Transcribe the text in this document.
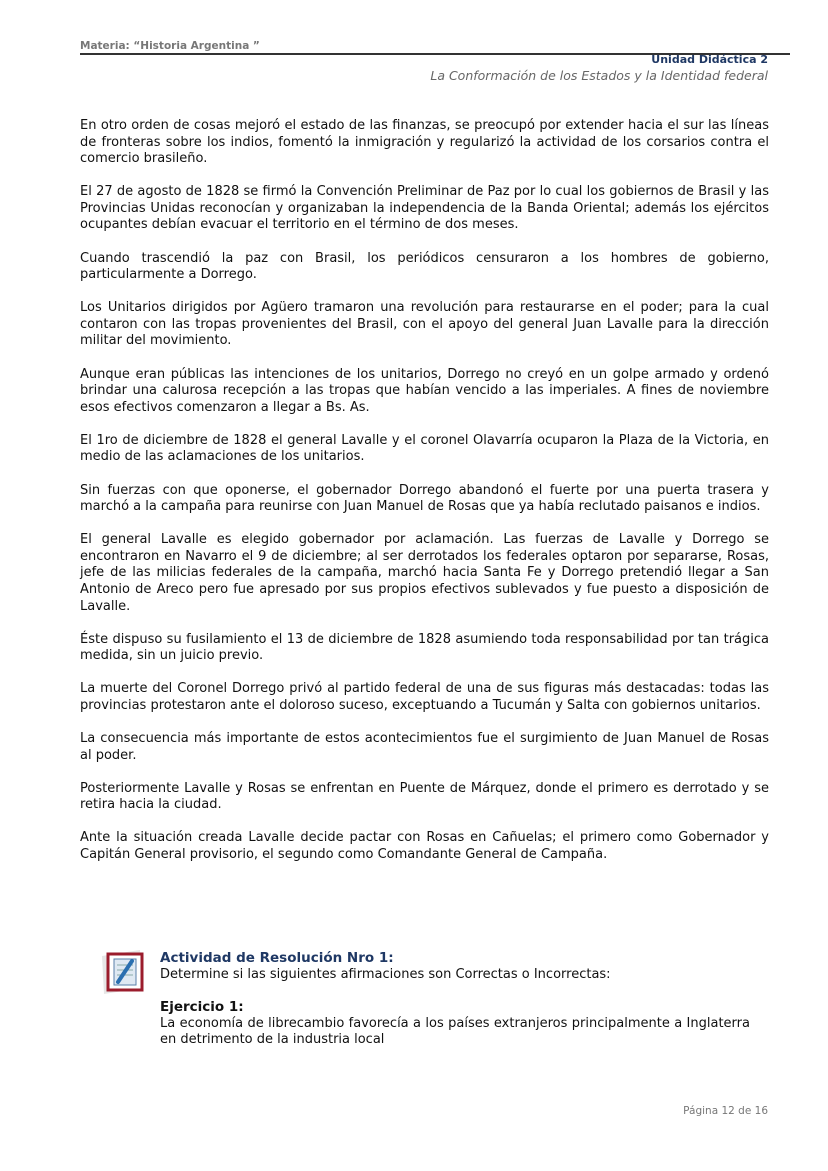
Materia: “Historia Argentina ”
Unidad Didáctica 2
La Conformación de los Estados y la Identidad federal

En otro orden de cosas mejoró el estado de las finanzas, se preocupó por extender hacia el sur las líneas de fronteras sobre los indios, fomentó la inmigración y regularizó la actividad de los corsarios contra el comercio brasileño.

El 27 de agosto de 1828 se firmó la Convención Preliminar de Paz por lo cual los gobiernos de Brasil y las Provincias Unidas reconocían y organizaban la independencia de la Banda Oriental; además los ejércitos ocupantes debían evacuar el territorio en el término de dos meses.

Cuando trascendió la paz con Brasil, los periódicos censuraron a los hombres de gobierno, particularmente a Dorrego.

Los Unitarios dirigidos por Agüero tramaron una revolución para restaurarse en el poder; para la cual contaron con las tropas provenientes del Brasil, con el apoyo del general Juan Lavalle para la dirección militar del movimiento.

Aunque eran públicas las intenciones de los unitarios, Dorrego no creyó en un golpe armado y ordenó brindar una calurosa recepción a las tropas que habían vencido a las imperiales. A fines de noviembre esos efectivos comenzaron a llegar a Bs. As.

El 1ro de diciembre de 1828 el general Lavalle y el coronel Olavarría ocuparon la Plaza de la Victoria, en medio de las aclamaciones de los unitarios.

Sin fuerzas con que oponerse, el gobernador Dorrego abandonó el fuerte por una puerta trasera y marchó a la campaña para reunirse con Juan Manuel de Rosas que ya había reclutado paisanos e indios.

El general Lavalle es elegido gobernador por aclamación. Las fuerzas de Lavalle y Dorrego se encontraron en Navarro el 9 de diciembre; al ser derrotados los federales optaron por separarse, Rosas, jefe de las milicias federales de la campaña, marchó hacia Santa Fe y Dorrego pretendió llegar a San Antonio de Areco pero fue apresado por sus propios efectivos sublevados y fue puesto a disposición de Lavalle.

Éste dispuso su fusilamiento el 13 de diciembre de 1828 asumiendo toda responsabilidad por tan trágica medida, sin un juicio previo.

La muerte del Coronel Dorrego privó al partido federal de una de sus figuras más destacadas: todas las provincias protestaron ante el doloroso suceso, exceptuando a Tucumán y Salta con gobiernos unitarios.

La consecuencia más importante de estos acontecimientos fue el surgimiento de Juan Manuel de Rosas al poder.

Posteriormente Lavalle y Rosas se enfrentan en Puente de Márquez, donde el primero es derrotado y se retira hacia la ciudad.

Ante la situación creada Lavalle decide pactar con Rosas en Cañuelas; el primero como Gobernador y Capitán General provisorio, el segundo como Comandante General de Campaña.

Actividad de Resolución Nro 1:
Determine si las siguientes afirmaciones son Correctas o Incorrectas:
Ejercicio 1:
La economía de librecambio favorecía a los países extranjeros principalmente a Inglaterra en detrimento de la industria local
Página 12 de 16
